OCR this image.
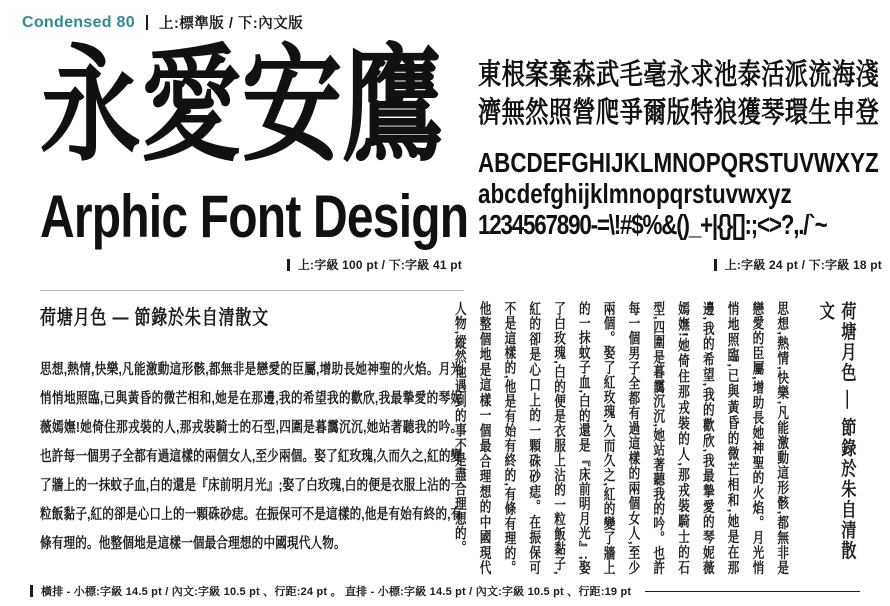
Condensed 80 上:標準版 / 下:內文版
永愛安鷹
Arphic Font Design
上:字級 100 pt / 下:字級 41 pt
東根案棄森武毛毫永求池泰活派流海淺
濟無然照營爬爭爾版特狼獲琴環生申登
ABCDEFGHIJKLMNOPQRSTUVWXYZ
abcdefghijklmnopqrstuvwxyz
1234567890-=\!#$%&()_+|{}[]:;<>?,./`~
上:字級 24 pt / 下:字級 18 pt
荷塘月色 — 節錄於朱自清散文

思想,熱情,快樂,凡能激動這形骸,都無非是戀愛的臣屬,增助長她神聖的火焰。月光悄悄地照臨,已與黃昏的微芒相和,她是在那邊,我的希望我的歡欣,我最摯愛的琴妮薇嫣嫵!她倚住那戎裝的人,那戎裝騎士的石型,四圍是暮靄沉沉,她站著聽我的吟。也許每一個男子全都有過這樣的兩個女人,至少兩個。娶了紅玫瑰,久而久之,紅的變了牆上的一抹蚊子血,白的還是『床前明月光』;娶了白玫瑰,白的便是衣服上沾的一粒飯黏子,紅的卻是心口上的一顆硃砂痣。在振保可不是這樣的,他是有始有終的,有條有理的。他整個地是這樣一個最合理想的中國現代人物。	荷塘月色 — 節錄於朱自清散文

思想,熱情,快樂,凡能激動這形骸,都無非是戀愛的臣屬,增助長她神聖的火焰。月光悄悄地照臨,已與黃昏的微芒相和,她是在那邊,我的希望,我的歡欣,我最摯愛的琴妮薇嫣嫵!她倚住那戎裝的人,那戎裝騎士的石型,四圍是暮靄沉沉,她站著聽我的吟。也許每一個男子全都有過這樣的兩個女人,至少兩個。娶了紅玫瑰,久而久之,紅的變了牆上的一抹蚊子血,白的還是『床前明月光』;娶了白玫瑰,白的便是衣服上沾的一粒飯黏子,紅的卻是心口上的一顆硃砂痣。在振保可不是這樣的,他是有始有終的,有條有理的。他整個地是這樣一個最合理想的中國現代人物,縱然他遇到的事不是盡合理想的。

橫排 - 小標:字級 14.5 pt / 內文:字級 10.5 pt 、行距:24 pt 。 直排 - 小標:字級 14.5 pt / 內文:字級 10.5 pt 、行距:19 pt
